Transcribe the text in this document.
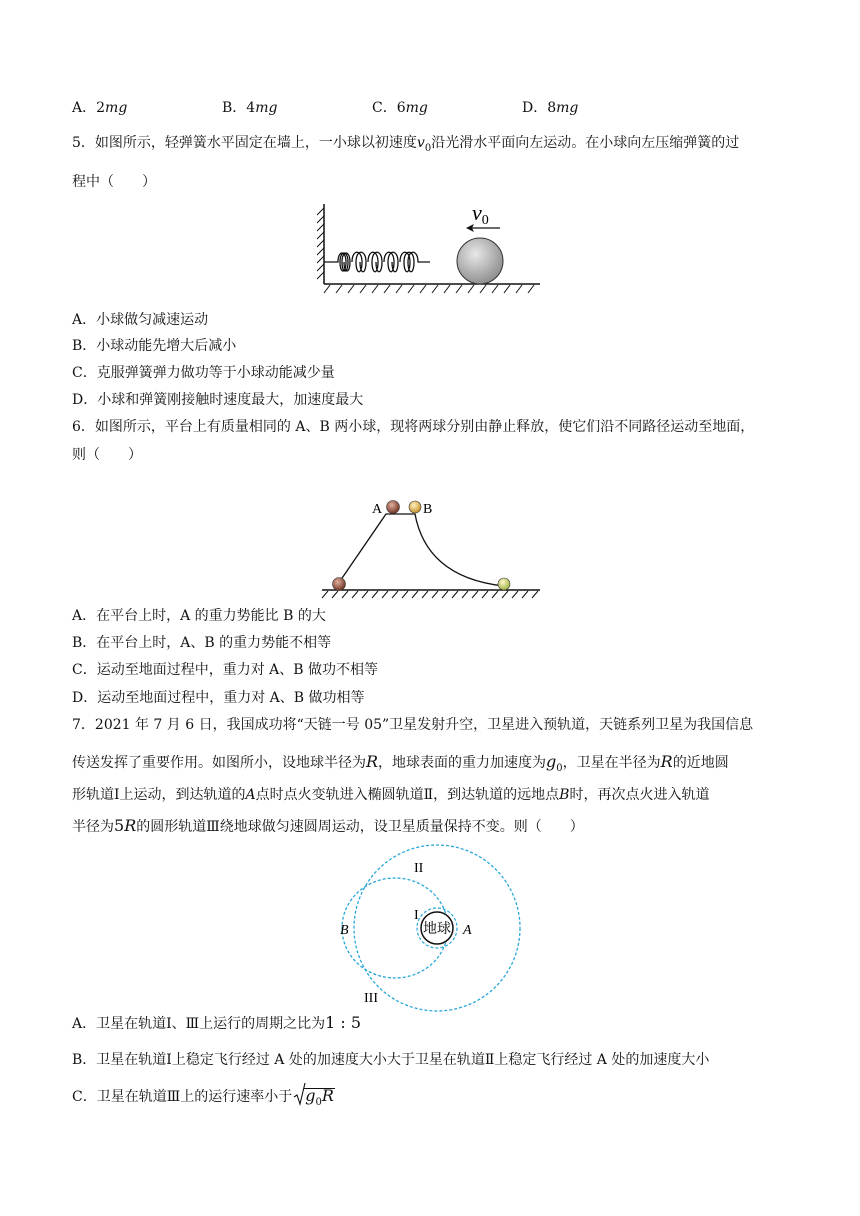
A．2mg	B．4mg	C．6mg	D．8mg
5．如图所示，轻弹簧水平固定在墙上，一小球以初速度$v_0$沿光滑水平面向左运动。在小球向左压缩弹簧的过
程中（　　）
v0
A．小球做匀减速运动
B．小球动能先增大后减小
C．克服弹簧弹力做功等于小球动能减少量
D．小球和弹簧刚接触时速度最大，加速度最大
6．如图所示，平台上有质量相同的 A、B 两小球，现将两球分别由静止释放，使它们沿不同路径运动至地面，
则（　　）
A	B
A．在平台上时，A 的重力势能比 B 的大
B．在平台上时，A、B 的重力势能不相等
C．运动至地面过程中，重力对 A、B 做功不相等
D．运动至地面过程中，重力对 A、B 做功相等
7．2021 年 7 月 6 日，我国成功将“天链一号 05”卫星发射升空，卫星进入预轨道，天链系列卫星为我国信息
传送发挥了重要作用。如图所小，设地球半径为R，地球表面的重力加速度为$g_0$，卫星在半径为R的近地圆
形轨道Ⅰ上运动，到达轨道的A点时点火变轨进入椭圆轨道Ⅱ，到达轨道的远地点B时，再次点火进入轨道
半径为5R的圆形轨道Ⅲ绕地球做匀速圆周运动，设卫星质量保持不变。则（　　）
地球
I
II
III
B	A
A．卫星在轨道Ⅰ、Ⅲ上运行的周期之比为1 : 5
B．卫星在轨道Ⅰ上稳定飞行经过 A 处的加速度大小大于卫星在轨道Ⅱ上稳定飞行经过 A 处的加速度大小
C．卫星在轨道Ⅲ上的运行速率小于 $g_0R$
